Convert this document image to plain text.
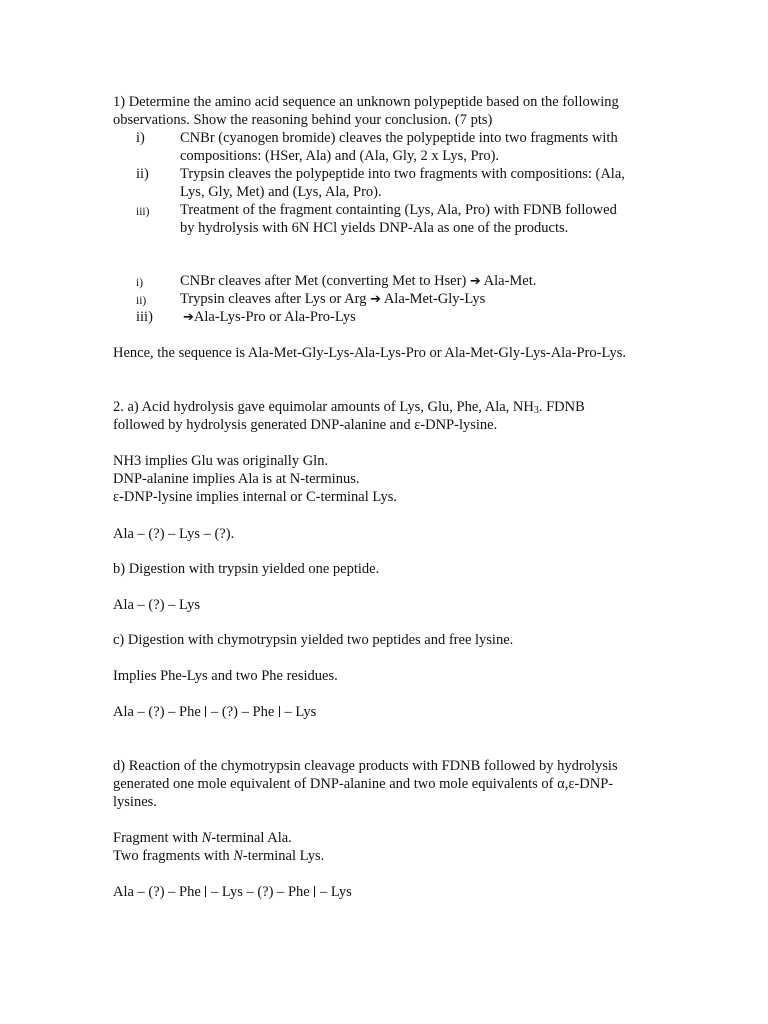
1) Determine the amino acid sequence an unknown polypeptide based on the following
observations. Show the reasoning behind your conclusion. (7 pts)
i) CNBr (cyanogen bromide) cleaves the polypeptide into two fragments with
compositions: (HSer, Ala) and (Ala, Gly, 2 x Lys, Pro).
ii) Trypsin cleaves the polypeptide into two fragments with compositions: (Ala,
Lys, Gly, Met) and (Lys, Ala, Pro).
iii) Treatment of the fragment containting (Lys, Ala, Pro) with FDNB followed
by hydrolysis with 6N HCl yields DNP-Ala as one of the products.
i)	CNBr cleaves after Met (converting Met to Hser) ➔ Ala-Met.
ii) Trypsin cleaves after Lys or Arg ➔ Ala-Met-Gly-Lys
iii) ➔Ala-Lys-Pro or Ala-Pro-Lys
Hence, the sequence is Ala-Met-Gly-Lys-Ala-Lys-Pro or Ala-Met-Gly-Lys-Ala-Pro-Lys.
2. a) Acid hydrolysis gave equimolar amounts of Lys, Glu, Phe, Ala, $NH_3$. FDNB
followed by hydrolysis generated DNP-alanine and ε-DNP-lysine.
NH3 implies Glu was originally Gln.
DNP-alanine implies Ala is at N-terminus.
ε-DNP-lysine implies internal or C-terminal Lys.
Ala – (?) – Lys – (?).
b) Digestion with trypsin yielded one peptide.
Ala – (?) – Lys
c) Digestion with chymotrypsin yielded two peptides and free lysine.
Implies Phe-Lys and two Phe residues.
Ala – (?) – Phe  – (?) – Phe  – Lys
d) Reaction of the chymotrypsin cleavage products with FDNB followed by hydrolysis
generated one mole equivalent of DNP-alanine and two mole equivalents of α,ε-DNP-
lysines.
Fragment with N-terminal Ala.
Two fragments with N-terminal Lys.
Ala – (?) – Phe  – Lys – (?) – Phe  – Lys
